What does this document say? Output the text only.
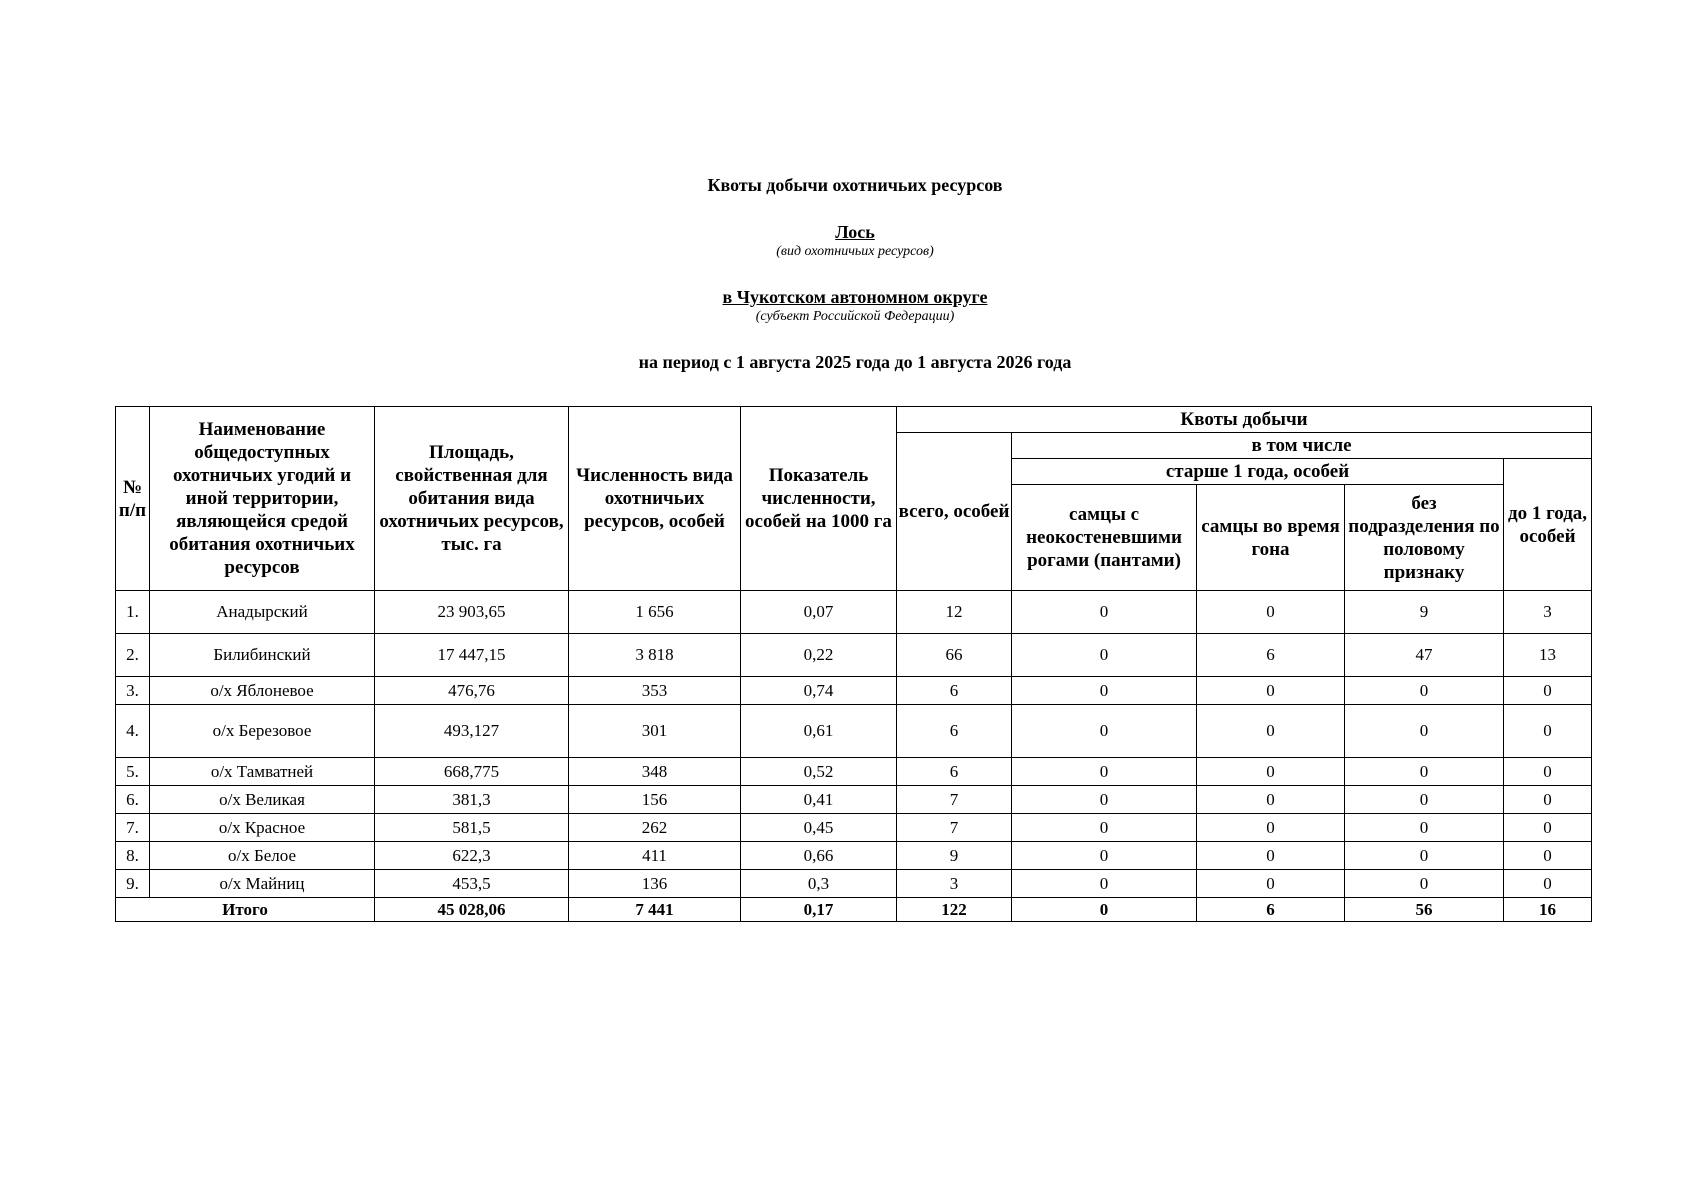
Квоты добычи охотничьих ресурсов
Лось
(вид охотничьих ресурсов)
в Чукотском автономном округе
(субъект Российской Федерации)
на период с 1 августа 2025 года до 1 августа 2026 года
№ п/п	Наименование общедоступных охотничьих угодий и иной территории, являющейся средой обитания охотничьих ресурсов	Площадь, свойственная для обитания вида охотничьих ресурсов, тыс. га	Численность вида охотничьих ресурсов, особей	Показатель численности, особей на 1000 га	Квоты добычи				
					всего, особей	в том числе			
						старше 1 года, особей			до 1 года, особей
						самцы с неокостеневшими рогами (пантами)	самцы во время гона	без подразделения по половому признаку	
1.	Анадырский	23 903,65	1 656	0,07	12	0	0	9	3
2.	Билибинский	17 447,15	3 818	0,22	66	0	6	47	13
3.	о/х Яблоневое	476,76	353	0,74	6	0	0	0	0
4.	о/х Березовое	493,127	301	0,61	6	0	0	0	0
5.	о/х Тамватней	668,775	348	0,52	6	0	0	0	0
6.	о/х Великая	381,3	156	0,41	7	0	0	0	0
7.	о/х Красное	581,5	262	0,45	7	0	0	0	0
8.	о/х Белое	622,3	411	0,66	9	0	0	0	0
9.	о/х Майниц	453,5	136	0,3	3	0	0	0	0
Итого		45 028,06	7 441	0,17	122	0	6	56	16
